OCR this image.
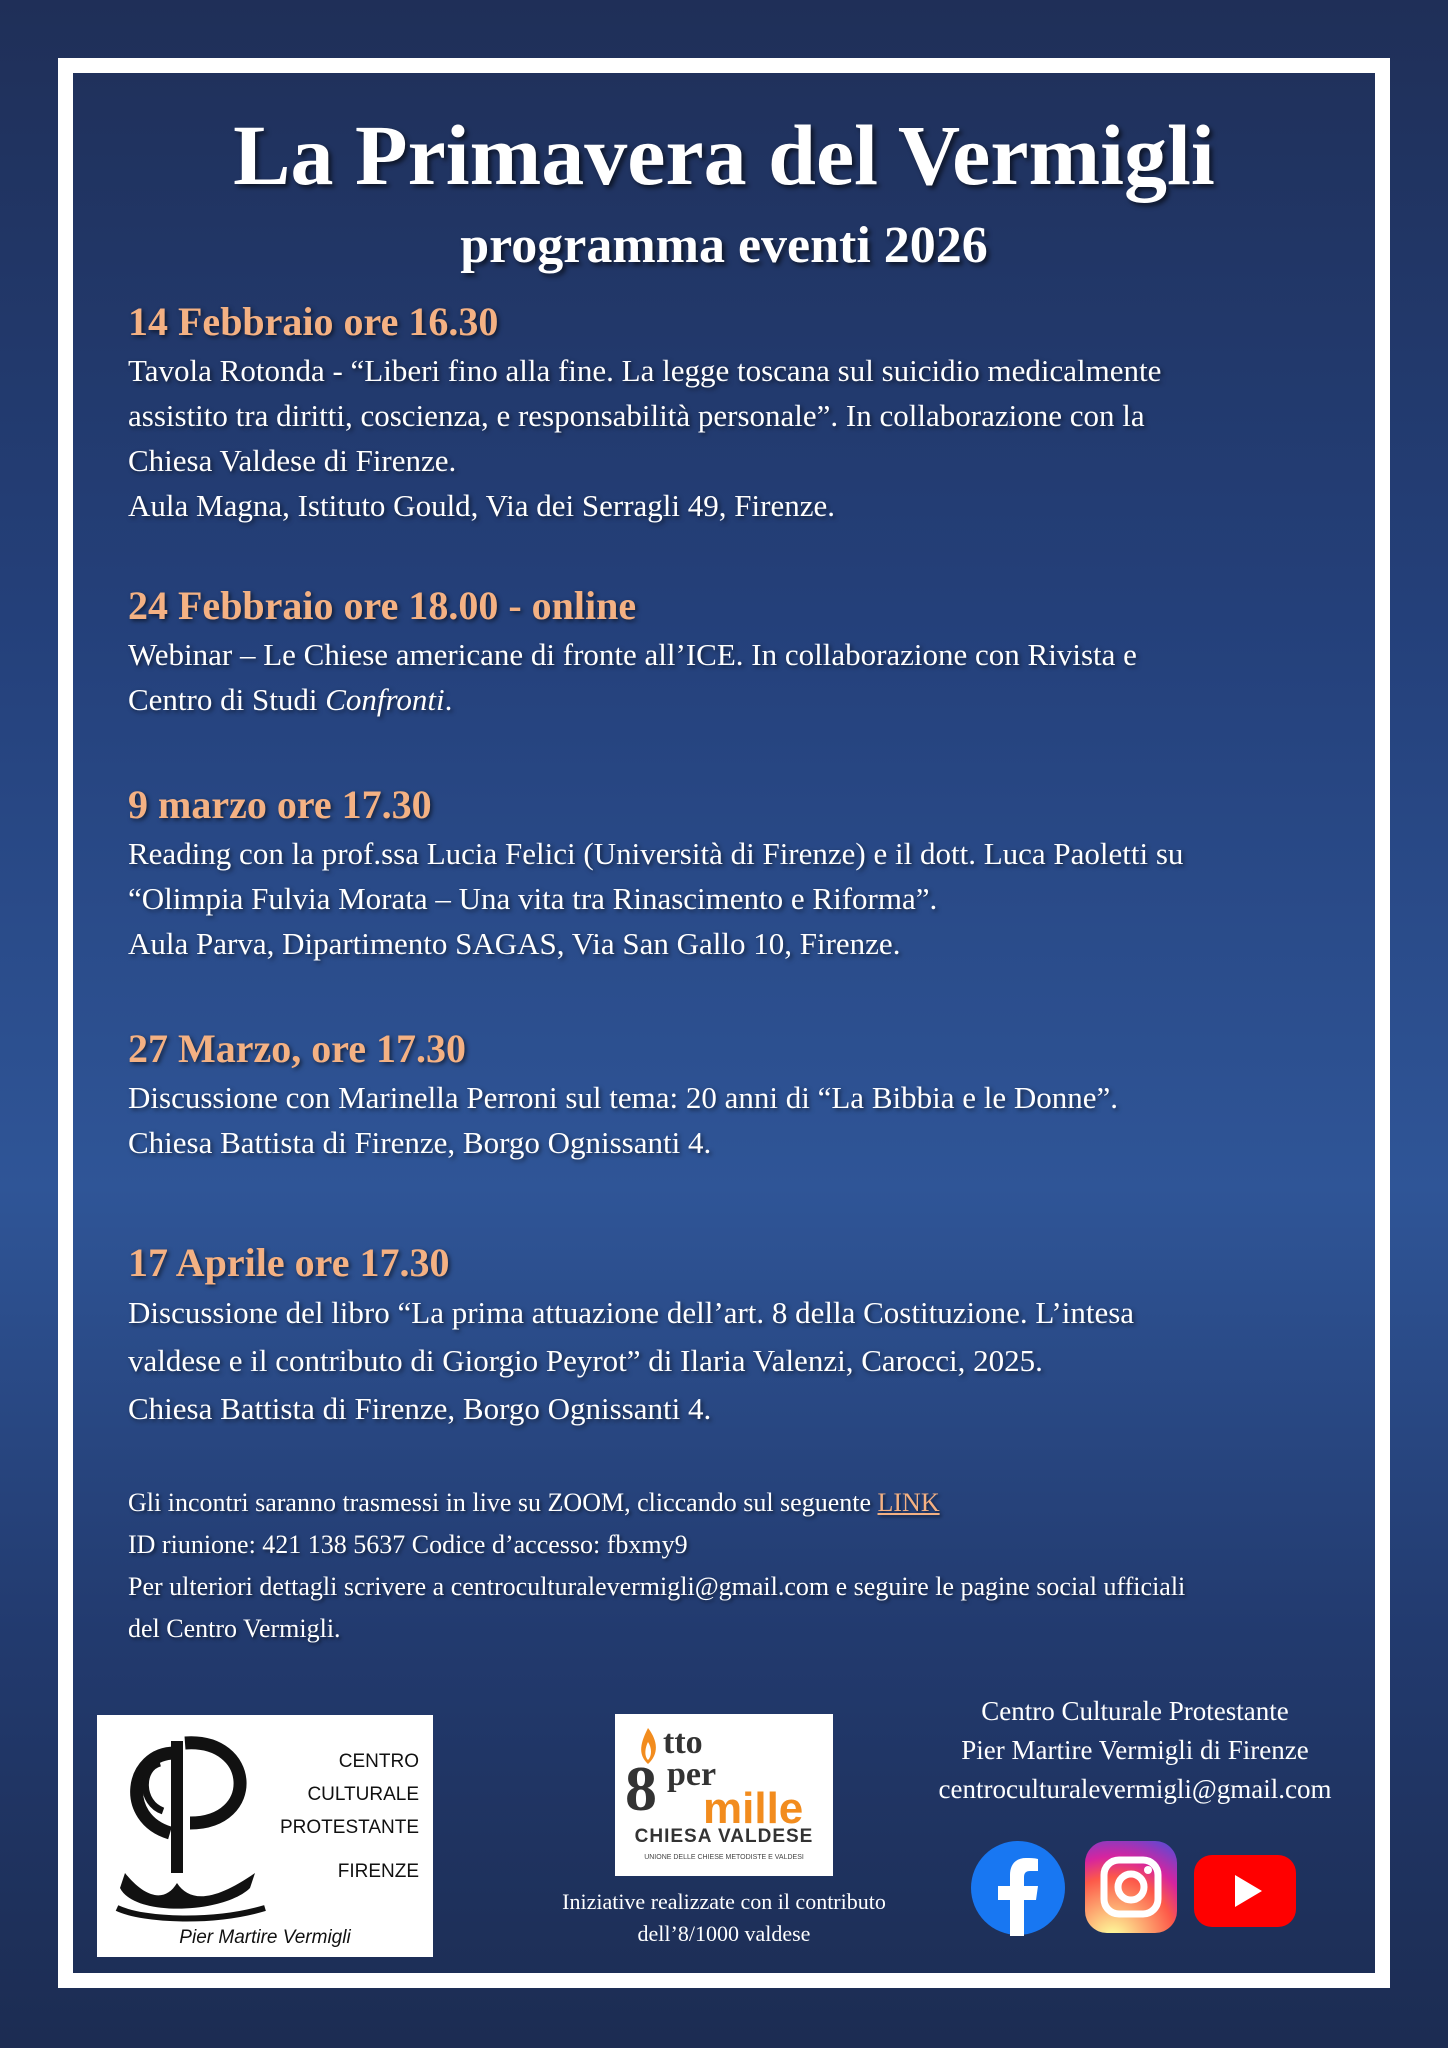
La Primavera del Vermigli
programma eventi 2026
14 Febbraio ore 16.30
Tavola Rotonda - “Liberi fino alla fine. La legge toscana sul suicidio medicalmente
assistito tra diritti, coscienza, e responsabilità personale”. In collaborazione con la
Chiesa Valdese di Firenze.
Aula Magna, Istituto Gould, Via dei Serragli 49, Firenze.
24 Febbraio ore 18.00 - online
Webinar – Le Chiese americane di fronte all’ICE. In collaborazione con Rivista e
Centro di Studi Confronti.
9 marzo ore 17.30
Reading con la prof.ssa Lucia Felici (Università di Firenze) e il dott. Luca Paoletti su
“Olimpia Fulvia Morata – Una vita tra Rinascimento e Riforma”.
Aula Parva, Dipartimento SAGAS, Via San Gallo 10, Firenze.
27 Marzo, ore 17.30
Discussione con Marinella Perroni sul tema: 20 anni di “La Bibbia e le Donne”.
Chiesa Battista di Firenze, Borgo Ognissanti 4.
17 Aprile ore 17.30
Discussione del libro “La prima attuazione dell’art. 8 della Costituzione. L’intesa
valdese e il contributo di Giorgio Peyrot” di Ilaria Valenzi, Carocci, 2025.
Chiesa Battista di Firenze, Borgo Ognissanti 4.
Gli incontri saranno trasmessi in live su ZOOM, cliccando sul seguente LINK
ID riunione: 421 138 5637 Codice d’accesso: fbxmy9
Per ulteriori dettagli scrivere a centroculturalevermigli@gmail.com e seguire le pagine social ufficiali
del Centro Vermigli.
CENTRO
CULTURALE
PROTESTANTE
FIRENZE
Pier Martire Vermigli
tto
8 per
mille
CHIESA VALDESE
UNIONE DELLE CHIESE METODISTE E VALDESI
Iniziative realizzate con il contributo
dell’8/1000 valdese
Centro Culturale Protestante
Pier Martire Vermigli di Firenze
centroculturalevermigli@gmail.com
